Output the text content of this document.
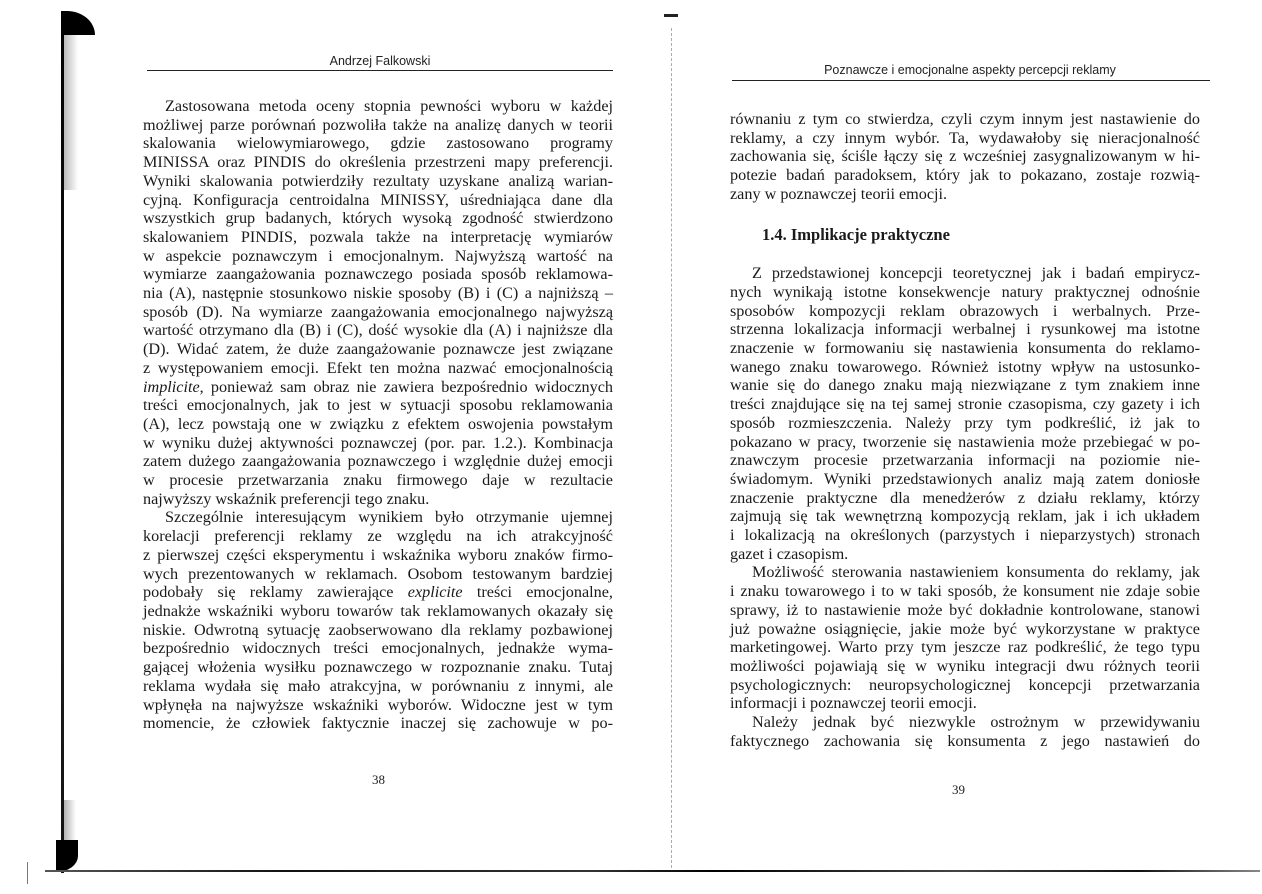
Andrzej Falkowski

Zastosowana metoda oceny stopnia pewności wyboru w każdej
możliwej parze porównań pozwoliła także na analizę danych w teorii
skalowania wielowymiarowego, gdzie zastosowano programy
MINISSA oraz PINDIS do określenia przestrzeni mapy preferencji.
Wyniki skalowania potwierdziły rezultaty uzyskane analizą warian-
cyjną. Konfiguracja centroidalna MINISSY, uśredniająca dane dla
wszystkich grup badanych, których wysoką zgodność stwierdzono
skalowaniem PINDIS, pozwala także na interpretację wymiarów
w aspekcie poznawczym i emocjonalnym. Najwyższą wartość na
wymiarze zaangażowania poznawczego posiada sposób reklamowa-
nia (A), następnie stosunkowo niskie sposoby (B) i (C) a najniższą –
sposób (D). Na wymiarze zaangażowania emocjonalnego najwyższą
wartość otrzymano dla (B) i (C), dość wysokie dla (A) i najniższe dla
(D). Widać zatem, że duże zaangażowanie poznawcze jest związane
z występowaniem emocji. Efekt ten można nazwać emocjonalnością
implicite, ponieważ sam obraz nie zawiera bezpośrednio widocznych
treści emocjonalnych, jak to jest w sytuacji sposobu reklamowania
(A), lecz powstają one w związku z efektem oswojenia powstałym
w wyniku dużej aktywności poznawczej (por. par. 1.2.). Kombinacja
zatem dużego zaangażowania poznawczego i względnie dużej emocji
w procesie przetwarzania znaku firmowego daje w rezultacie
najwyższy wskaźnik preferencji tego znaku.

Szczególnie interesującym wynikiem było otrzymanie ujemnej
korelacji preferencji reklamy ze względu na ich atrakcyjność
z pierwszej części eksperymentu i wskaźnika wyboru znaków firmo-
wych prezentowanych w reklamach. Osobom testowanym bardziej
podobały się reklamy zawierające explicite treści emocjonalne,
jednakże wskaźniki wyboru towarów tak reklamowanych okazały się
niskie. Odwrotną sytuację zaobserwowano dla reklamy pozbawionej
bezpośrednio widocznych treści emocjonalnych, jednakże wyma-
gającej włożenia wysiłku poznawczego w rozpoznanie znaku. Tutaj
reklama wydała się mało atrakcyjna, w porównaniu z innymi, ale
wpłynęła na najwyższe wskaźniki wyborów. Widoczne jest w tym
momencie, że człowiek faktycznie inaczej się zachowuje w po-

38
Poznawcze i emocjonalne aspekty percepcji reklamy

równaniu z tym co stwierdza, czyli czym innym jest nastawienie do
reklamy, a czy innym wybór. Ta, wydawałoby się nieracjonalność
zachowania się, ściśle łączy się z wcześniej zasygnalizowanym w hi-
potezie badań paradoksem, który jak to pokazano, zostaje rozwią-
zany w poznawczej teorii emocji.

1.4. Implikacje praktyczne

Z przedstawionej koncepcji teoretycznej jak i badań empirycz-
nych wynikają istotne konsekwencje natury praktycznej odnośnie
sposobów kompozycji reklam obrazowych i werbalnych. Prze-
strzenna lokalizacja informacji werbalnej i rysunkowej ma istotne
znaczenie w formowaniu się nastawienia konsumenta do reklamo-
wanego znaku towarowego. Również istotny wpływ na ustosunko-
wanie się do danego znaku mają niezwiązane z tym znakiem inne
treści znajdujące się na tej samej stronie czasopisma, czy gazety i ich
sposób rozmieszczenia. Należy przy tym podkreślić, iż jak to
pokazano w pracy, tworzenie się nastawienia może przebiegać w po-
znawczym procesie przetwarzania informacji na poziomie nie-
świadomym. Wyniki przedstawionych analiz mają zatem doniosłe
znaczenie praktyczne dla menedżerów z działu reklamy, którzy
zajmują się tak wewnętrzną kompozycją reklam, jak i ich układem
i lokalizacją na określonych (parzystych i nieparzystych) stronach
gazet i czasopism.

Możliwość sterowania nastawieniem konsumenta do reklamy, jak
i znaku towarowego i to w taki sposób, że konsument nie zdaje sobie
sprawy, iż to nastawienie może być dokładnie kontrolowane, stanowi
już poważne osiągnięcie, jakie może być wykorzystane w praktyce
marketingowej. Warto przy tym jeszcze raz podkreślić, że tego typu
możliwości pojawiają się w wyniku integracji dwu różnych teorii
psychologicznych: neuropsychologicznej koncepcji przetwarzania
informacji i poznawczej teorii emocji.

Należy jednak być niezwykle ostrożnym w przewidywaniu
faktycznego zachowania się konsumenta z jego nastawień do

39
